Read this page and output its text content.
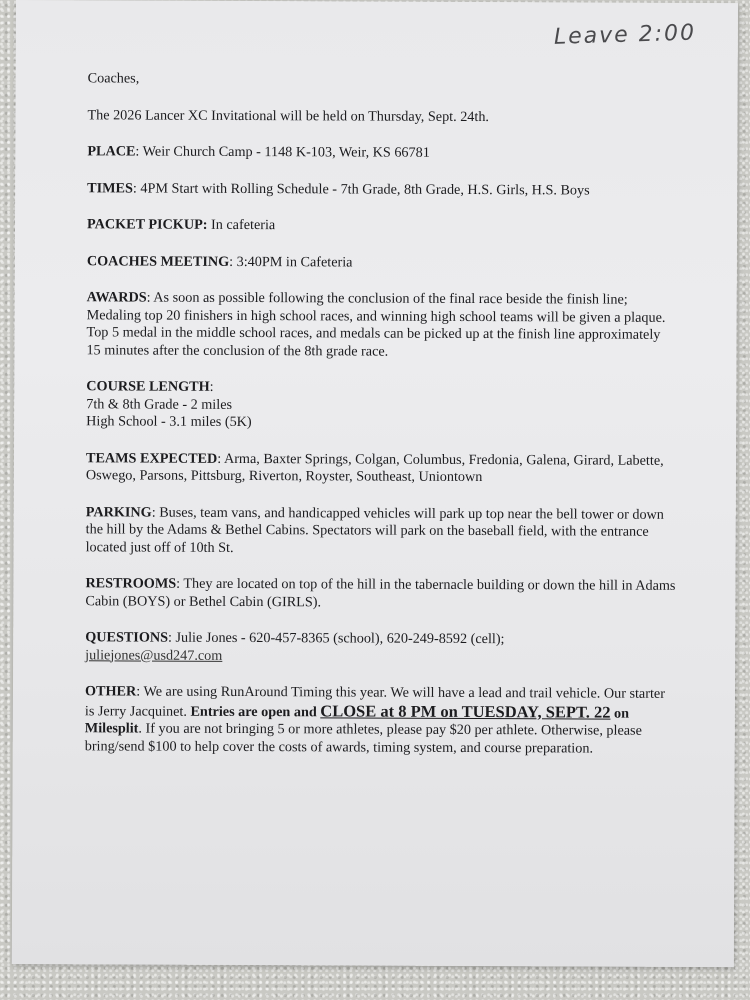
Leave 2:00

Coaches,

The 2026 Lancer XC Invitational will be held on Thursday, Sept. 24th.

PLACE: Weir Church Camp - 1148 K-103, Weir, KS 66781

TIMES: 4PM Start with Rolling Schedule - 7th Grade, 8th Grade, H.S. Girls, H.S. Boys

PACKET PICKUP: In cafeteria

COACHES MEETING: 3:40PM in Cafeteria

AWARDS: As soon as possible following the conclusion of the final race beside the finish line; Medaling top 20 finishers in high school races, and winning high school teams will be given a plaque. Top 5 medal in the middle school races, and medals can be picked up at the finish line approximately 15 minutes after the conclusion of the 8th grade race.

COURSE LENGTH:
7th & 8th Grade - 2 miles
High School - 3.1 miles (5K)

TEAMS EXPECTED: Arma, Baxter Springs, Colgan, Columbus, Fredonia, Galena, Girard, Labette, Oswego, Parsons, Pittsburg, Riverton, Royster, Southeast, Uniontown

PARKING: Buses, team vans, and handicapped vehicles will park up top near the bell tower or down the hill by the Adams & Bethel Cabins. Spectators will park on the baseball field, with the entrance located just off of 10th St.

RESTROOMS: They are located on top of the hill in the tabernacle building or down the hill in Adams Cabin (BOYS) or Bethel Cabin (GIRLS).

QUESTIONS: Julie Jones - 620-457-8365 (school), 620-249-8592 (cell);
juliejones@usd247.com

OTHER: We are using RunAround Timing this year. We will have a lead and trail vehicle. Our starter is Jerry Jacquinet. Entries are open and CLOSE at 8 PM on TUESDAY, SEPT. 22 on Milesplit. If you are not bringing 5 or more athletes, please pay $20 per athlete. Otherwise, please bring/send $100 to help cover the costs of awards, timing system, and course preparation.
